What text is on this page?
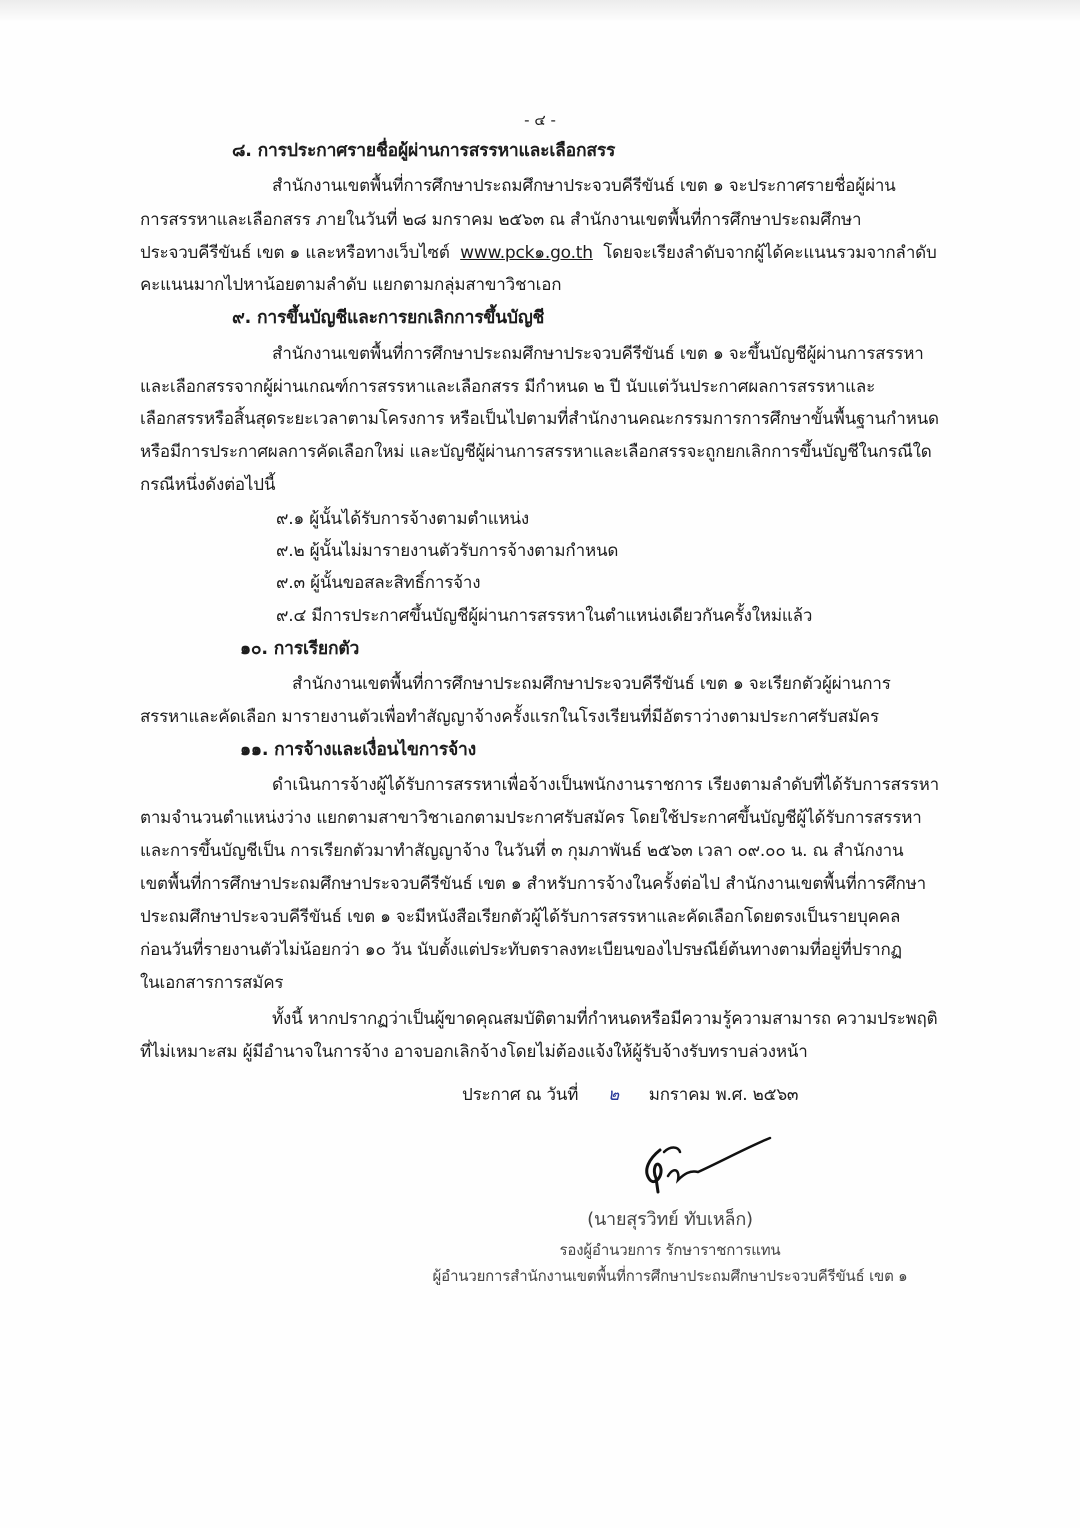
- ๔ -
๘. การประกาศรายชื่อผู้ผ่านการสรรหาและเลือกสรร
สำนักงานเขตพื้นที่การศึกษาประถมศึกษาประจวบคีรีขันธ์ เขต ๑ จะประกาศรายชื่อผู้ผ่าน
การสรรหาและเลือกสรร ภายในวันที่ ๒๘ มกราคม ๒๕๖๓ ณ สำนักงานเขตพื้นที่การศึกษาประถมศึกษา
ประจวบคีรีขันธ์ เขต ๑ และหรือทางเว็บไซต์ www.pck๑.go.th โดยจะเรียงลำดับจากผู้ได้คะแนนรวมจากลำดับ
คะแนนมากไปหาน้อยตามลำดับ แยกตามกลุ่มสาขาวิชาเอก
๙. การขึ้นบัญชีและการยกเลิกการขึ้นบัญชี
สำนักงานเขตพื้นที่การศึกษาประถมศึกษาประจวบคีรีขันธ์ เขต ๑ จะขึ้นบัญชีผู้ผ่านการสรรหา
และเลือกสรรจากผู้ผ่านเกณฑ์การสรรหาและเลือกสรร มีกำหนด ๒ ปี นับแต่วันประกาศผลการสรรหาและ
เลือกสรรหรือสิ้นสุดระยะเวลาตามโครงการ หรือเป็นไปตามที่สำนักงานคณะกรรมการการศึกษาขั้นพื้นฐานกำหนด
หรือมีการประกาศผลการคัดเลือกใหม่ และบัญชีผู้ผ่านการสรรหาและเลือกสรรจะถูกยกเลิกการขึ้นบัญชีในกรณีใด
กรณีหนึ่งดังต่อไปนี้
๙.๑ ผู้นั้นได้รับการจ้างตามตำแหน่ง
๙.๒ ผู้นั้นไม่มารายงานตัวรับการจ้างตามกำหนด
๙.๓ ผู้นั้นขอสละสิทธิ์การจ้าง
๙.๔ มีการประกาศขึ้นบัญชีผู้ผ่านการสรรหาในตำแหน่งเดียวกันครั้งใหม่แล้ว
๑๐. การเรียกตัว
สำนักงานเขตพื้นที่การศึกษาประถมศึกษาประจวบคีรีขันธ์ เขต ๑ จะเรียกตัวผู้ผ่านการ
สรรหาและคัดเลือก มารายงานตัวเพื่อทำสัญญาจ้างครั้งแรกในโรงเรียนที่มีอัตราว่างตามประกาศรับสมัคร
๑๑. การจ้างและเงื่อนไขการจ้าง
ดำเนินการจ้างผู้ได้รับการสรรหาเพื่อจ้างเป็นพนักงานราชการ เรียงตามลำดับที่ได้รับการสรรหา
ตามจำนวนตำแหน่งว่าง แยกตามสาขาวิชาเอกตามประกาศรับสมัคร โดยใช้ประกาศขึ้นบัญชีผู้ได้รับการสรรหา
และการขึ้นบัญชีเป็น การเรียกตัวมาทำสัญญาจ้าง ในวันที่ ๓ กุมภาพันธ์ ๒๕๖๓ เวลา ๐๙.๐๐ น. ณ สำนักงาน
เขตพื้นที่การศึกษาประถมศึกษาประจวบคีรีขันธ์ เขต ๑ สำหรับการจ้างในครั้งต่อไป สำนักงานเขตพื้นที่การศึกษา
ประถมศึกษาประจวบคีรีขันธ์ เขต ๑ จะมีหนังสือเรียกตัวผู้ได้รับการสรรหาและคัดเลือกโดยตรงเป็นรายบุคคล
ก่อนวันที่รายงานตัวไม่น้อยกว่า ๑๐ วัน นับตั้งแต่ประทับตราลงทะเบียนของไปรษณีย์ต้นทางตามที่อยู่ที่ปรากฏ
ในเอกสารการสมัคร
ทั้งนี้ หากปรากฏว่าเป็นผู้ขาดคุณสมบัติตามที่กำหนดหรือมีความรู้ความสามารถ ความประพฤติ
ที่ไม่เหมาะสม ผู้มีอำนาจในการจ้าง อาจบอกเลิกจ้างโดยไม่ต้องแจ้งให้ผู้รับจ้างรับทราบล่วงหน้า
ประกาศ ณ วันที่ ๒ มกราคม พ.ศ. ๒๕๖๓
(นายสุรวิทย์ ทับเหล็ก)
รองผู้อำนวยการ รักษาราชการแทน
ผู้อำนวยการสำนักงานเขตพื้นที่การศึกษาประถมศึกษาประจวบคีรีขันธ์ เขต ๑
